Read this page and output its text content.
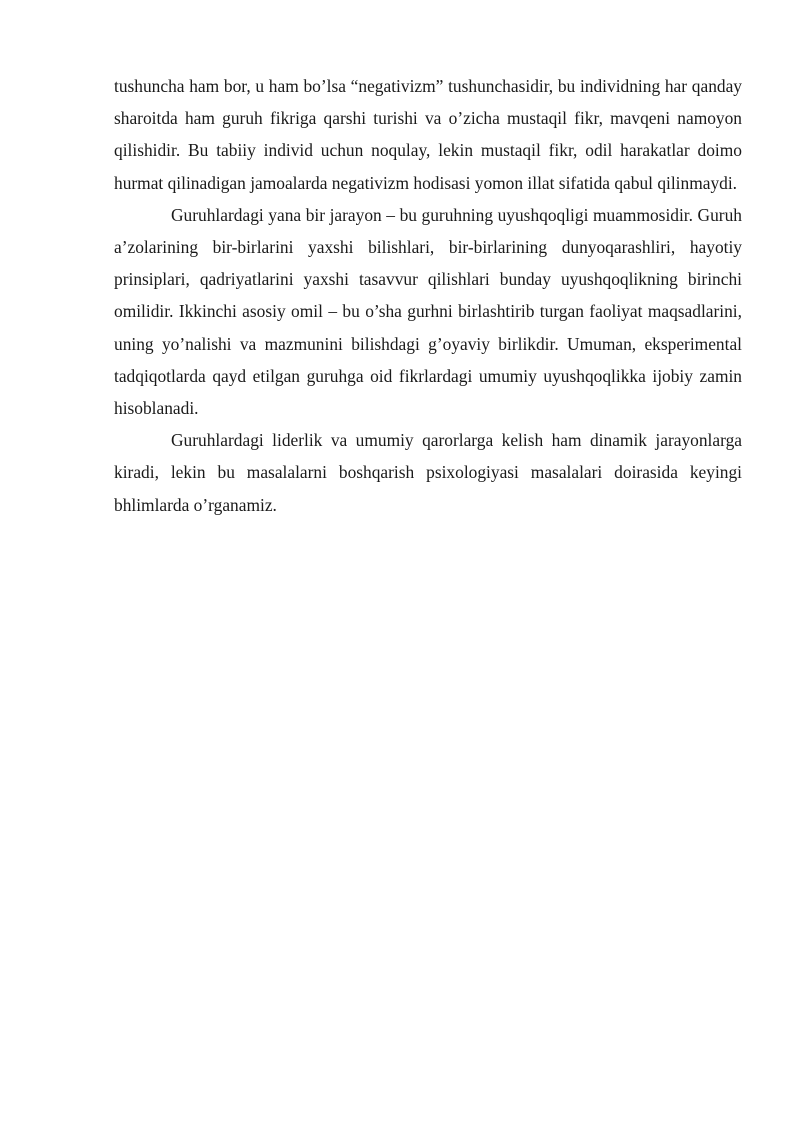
tushuncha ham bor, u ham bo’lsa “negativizm” tushunchasidir, bu individning har qanday sharoitda ham guruh fikriga qarshi turishi va o’zicha mustaqil fikr, mavqeni namoyon qilishidir. Bu tabiiy individ uchun noqulay, lekin mustaqil fikr, odil harakatlar doimo hurmat qilinadigan jamoalarda negativizm hodisasi yomon illat sifatida qabul qilinmaydi.

Guruhlardagi yana bir jarayon – bu guruhning uyushqoqligi muammosidir. Guruh a’zolarining bir-birlarini yaxshi bilishlari, bir-birlarining dunyoqarashliri, hayotiy prinsiplari, qadriyatlarini yaxshi tasavvur qilishlari bunday uyushqoqlikning birinchi omilidir. Ikkinchi asosiy omil – bu o’sha gurhni birlashtirib turgan faoliyat maqsadlarini, uning yo’nalishi va mazmunini bilishdagi g’oyaviy birlikdir. Umuman, eksperimental tadqiqotlarda qayd etilgan guruhga oid fikrlardagi umumiy uyushqoqlikka ijobiy zamin hisoblanadi.

Guruhlardagi liderlik va umumiy qarorlarga kelish ham dinamik jarayonlarga kiradi, lekin bu masalalarni boshqarish psixologiyasi masalalari doirasida keyingi bhlimlarda o’rganamiz.
